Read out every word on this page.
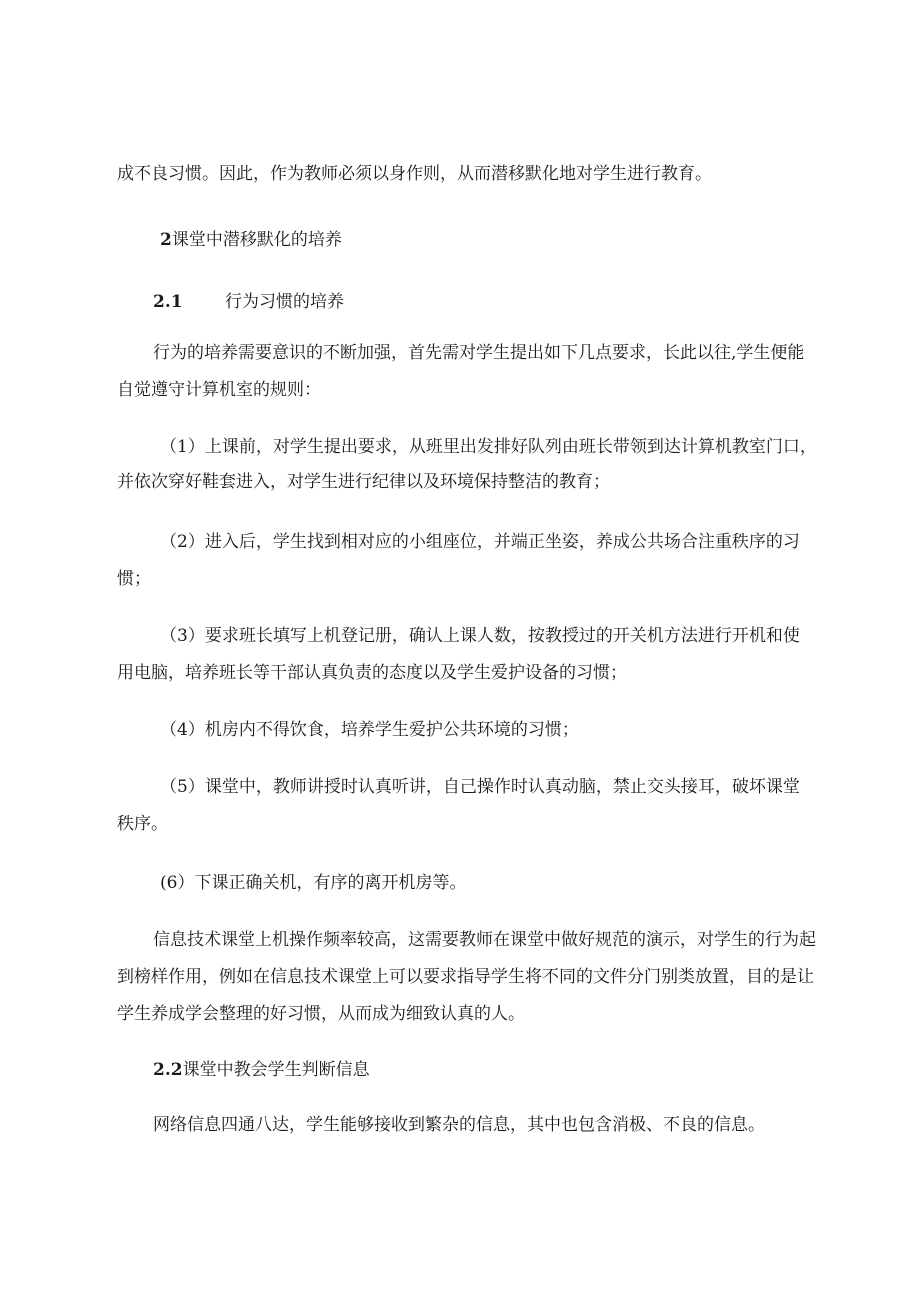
成不良习惯。因此，作为教师必须以身作则，从而潜移默化地对学生进行教育。
2课堂中潜移默化的培养
2.1 行为习惯的培养
行为的培养需要意识的不断加强，首先需对学生提出如下几点要求，长此以往,学生便能
自觉遵守计算机室的规则：
（1）上课前，对学生提出要求，从班里出发排好队列由班长带领到达计算机教室门口，
并依次穿好鞋套进入，对学生进行纪律以及环境保持整洁的教育；
（2）进入后，学生找到相对应的小组座位，并端正坐姿，养成公共场合注重秩序的习
惯；
（3）要求班长填写上机登记册，确认上课人数，按教授过的开关机方法进行开机和使
用电脑，培养班长等干部认真负责的态度以及学生爱护设备的习惯；
（4）机房内不得饮食，培养学生爱护公共环境的习惯；
（5）课堂中，教师讲授时认真听讲，自己操作时认真动脑，禁止交头接耳，破坏课堂
秩序。
(6）下课正确关机，有序的离开机房等。
信息技术课堂上机操作频率较高，这需要教师在课堂中做好规范的演示，对学生的行为起
到榜样作用，例如在信息技术课堂上可以要求指导学生将不同的文件分门别类放置，目的是让
学生养成学会整理的好习惯，从而成为细致认真的人。
2.2课堂中教会学生判断信息
网络信息四通八达，学生能够接收到繁杂的信息，其中也包含消极、不良的信息。
